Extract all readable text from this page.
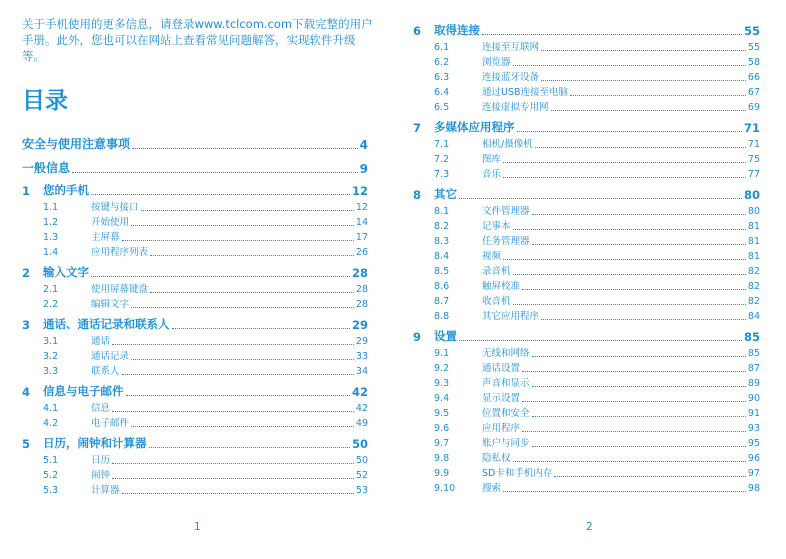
关于手机使用的更多信息，请登录www.tclcom.com下载完整的用户手册。此外，您也可以在网站上查看常见问题解答，实现软件升级等。
目录
安全与使用注意事项	4
一般信息	9
1	您的手机	12
1.1	按键与接口	12
1.2	开始使用	14
1.3	主屏幕	17
1.4	应用程序列表	26
2	输入文字	28
2.1	使用屏幕键盘	28
2.2	编辑文字	28
3	通话、通话记录和联系人	29
3.1	通话	29
3.2	通话记录	33
3.3	联系人	34
4	信息与电子邮件	42
4.1	信息	42
4.2	电子邮件	49
5	日历，闹钟和计算器	50
5.1	日历	50
5.2	闹钟	52
5.3	计算器	53
1
6	取得连接	55
6.1	连接至互联网	55
6.2	浏览器	58
6.3	连接蓝牙设备	66
6.4	通过USB连接至电脑	67
6.5	连接虚拟专用网	69
7	多媒体应用程序	71
7.1	相机/摄像机	71
7.2	图库	75
7.3	音乐	77
8	其它	80
8.1	文件管理器	80
8.2	记事本	81
8.3	任务管理器	81
8.4	视频	81
8.5	录音机	82
8.6	触屏校准	82
8.7	收音机	82
8.8	其它应用程序	84
9	设置	85
9.1	无线和网络	85
9.2	通话设置	87
9.3	声音和显示	89
9.4	显示设置	90
9.5	位置和安全	91
9.6	应用程序	93
9.7	账户与同步	95
9.8	隐私权	96
9.9	SD卡和手机内存	97
9.10	搜索	98
2
